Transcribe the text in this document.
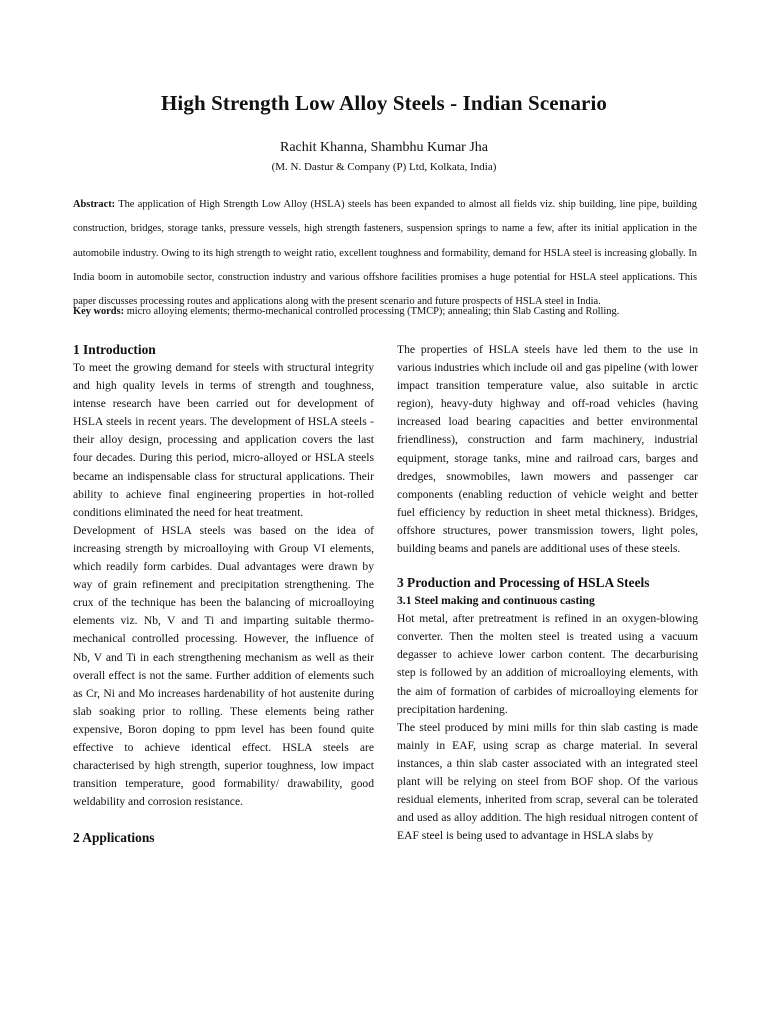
High Strength Low Alloy Steels - Indian Scenario
Rachit Khanna, Shambhu Kumar Jha
(M. N. Dastur & Company (P) Ltd, Kolkata, India)
Abstract: The application of High Strength Low Alloy (HSLA) steels has been expanded to almost all fields viz. ship building, line pipe, building construction, bridges, storage tanks, pressure vessels, high strength fasteners, suspension springs to name a few, after its initial application in the automobile industry. Owing to its high strength to weight ratio, excellent toughness and formability, demand for HSLA steel is increasing globally. In India boom in automobile sector, construction industry and various offshore facilities promises a huge potential for HSLA steel applications. This paper discusses processing routes and applications along with the present scenario and future prospects of HSLA steel in India.
Key words: micro alloying elements; thermo-mechanical controlled processing (TMCP); annealing; thin Slab Casting and Rolling.
1 Introduction

To meet the growing demand for steels with structural integrity and high quality levels in terms of strength and toughness, intense research have been carried out for development of HSLA steels in recent years. The development of HSLA steels - their alloy design, processing and application covers the last four decades. During this period, micro-alloyed or HSLA steels became an indispensable class for structural applications. Their ability to achieve final engineering properties in hot-rolled conditions eliminated the need for heat treatment.

Development of HSLA steels was based on the idea of increasing strength by microalloying with Group VI elements, which readily form carbides. Dual advantages were drawn by way of grain refinement and precipitation strengthening. The crux of the technique has been the balancing of microalloying elements viz. Nb, V and Ti and imparting suitable thermo-mechanical controlled processing. However, the influence of Nb, V and Ti in each strengthening mechanism as well as their overall effect is not the same. Further addition of elements such as Cr, Ni and Mo increases hardenability of hot austenite during slab soaking prior to rolling. These elements being rather expensive, Boron doping to ppm level has been found quite effective to achieve identical effect. HSLA steels are characterised by high strength, superior toughness, low impact transition temperature, good formability/ drawability, good weldability and corrosion resistance.

2 Applications

The properties of HSLA steels have led them to the use in various industries which include oil and gas pipeline (with lower impact transition temperature value, also suitable in arctic region), heavy-duty highway and off-road vehicles (having increased load bearing capacities and better environmental friendliness), construction and farm machinery, industrial equipment, storage tanks, mine and railroad cars, barges and dredges, snowmobiles, lawn mowers and passenger car components (enabling reduction of vehicle weight and better fuel efficiency by reduction in sheet metal thickness). Bridges, offshore structures, power transmission towers, light poles, building beams and panels are additional uses of these steels.

3 Production and Processing of HSLA Steels
3.1 Steel making and continuous casting

Hot metal, after pretreatment is refined in an oxygen-blowing converter. Then the molten steel is treated using a vacuum degasser to achieve lower carbon content. The decarburising step is followed by an addition of microalloying elements, with the aim of formation of carbides of microalloying elements for precipitation hardening.

The steel produced by mini mills for thin slab casting is made mainly in EAF, using scrap as charge material. In several instances, a thin slab caster associated with an integrated steel plant will be relying on steel from BOF shop. Of the various residual elements, inherited from scrap, several can be tolerated and used as alloy addition. The high residual nitrogen content of EAF steel is being used to advantage in HSLA slabs by
